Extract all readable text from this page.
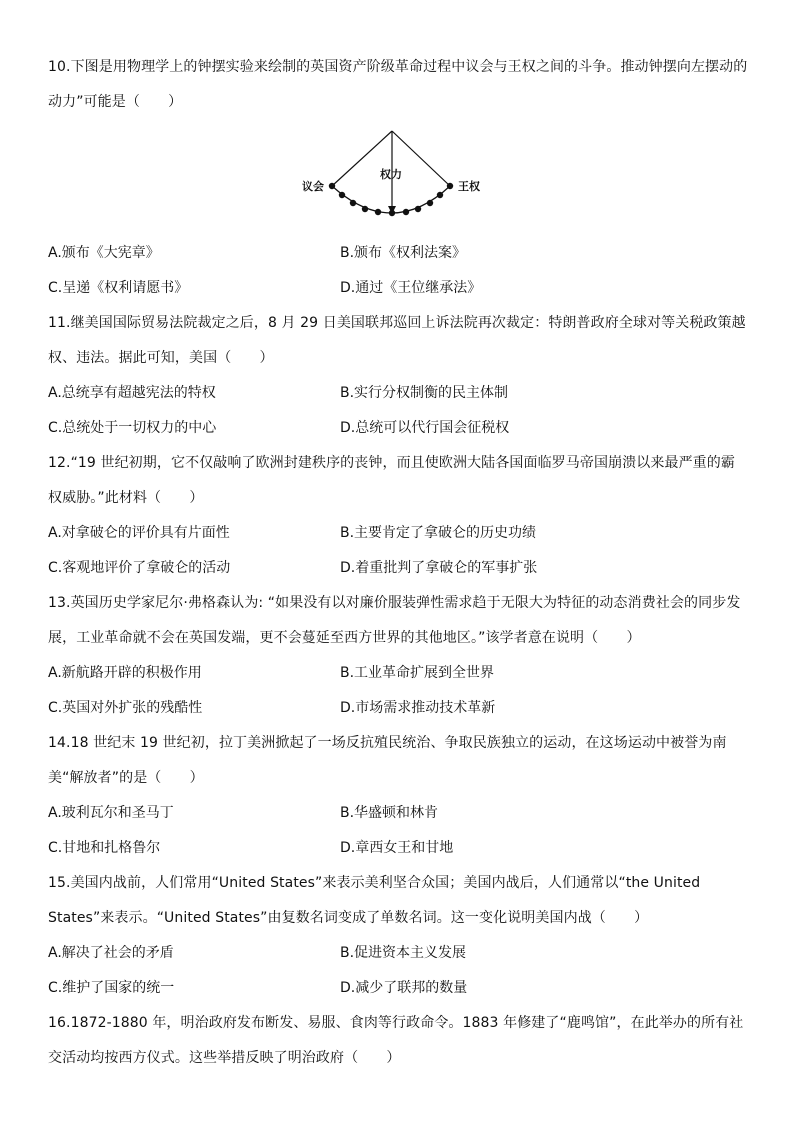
10.下图是用物理学上的钟摆实验来绘制的英国资产阶级革命过程中议会与王权之间的斗争。推动钟摆向左摆动的动力”可能是（　　）
议会
权力
王权
A.颁布《大宪章》	B.颁布《权利法案》
C.呈递《权利请愿书》	D.通过《王位继承法》
11.继美国国际贸易法院裁定之后，8 月 29 日美国联邦巡回上诉法院再次裁定：特朗普政府全球对等关税政策越权、违法。据此可知，美国（　　）
A.总统享有超越宪法的特权	B.实行分权制衡的民主体制
C.总统处于一切权力的中心	D.总统可以代行国会征税权
12.“19 世纪初期，它不仅敲响了欧洲封建秩序的丧钟，而且使欧洲大陆各国面临罗马帝国崩溃以来最严重的霸权威胁。”此材料（　　）
A.对拿破仑的评价具有片面性	B.主要肯定了拿破仑的历史功绩
C.客观地评价了拿破仑的活动	D.着重批判了拿破仑的军事扩张
13.英国历史学家尼尔·弗格森认为: “如果没有以对廉价服装弹性需求趋于无限大为特征的动态消费社会的同步发展，工业革命就不会在英国发端，更不会蔓延至西方世界的其他地区。”该学者意在说明（　　）
A.新航路开辟的积极作用	B.工业革命扩展到全世界
C.英国对外扩张的残酷性	D.市场需求推动技术革新
14.18 世纪末 19 世纪初，拉丁美洲掀起了一场反抗殖民统治、争取民族独立的运动，在这场运动中被誉为南美“解放者”的是（　　）
A.玻利瓦尔和圣马丁	B.华盛顿和林肯
C.甘地和扎格鲁尔	D.章西女王和甘地
15.美国内战前，人们常用“United States”来表示美利坚合众国；美国内战后，人们通常以“the United States”来表示。“United States”由复数名词变成了单数名词。这一变化说明美国内战（　　）
A.解决了社会的矛盾	B.促进资本主义发展
C.维护了国家的统一	D.减少了联邦的数量
16.1872-1880 年，明治政府发布断发、易服、食肉等行政命令。1883 年修建了“鹿鸣馆”，在此举办的所有社交活动均按西方仪式。这些举措反映了明治政府（　　）
